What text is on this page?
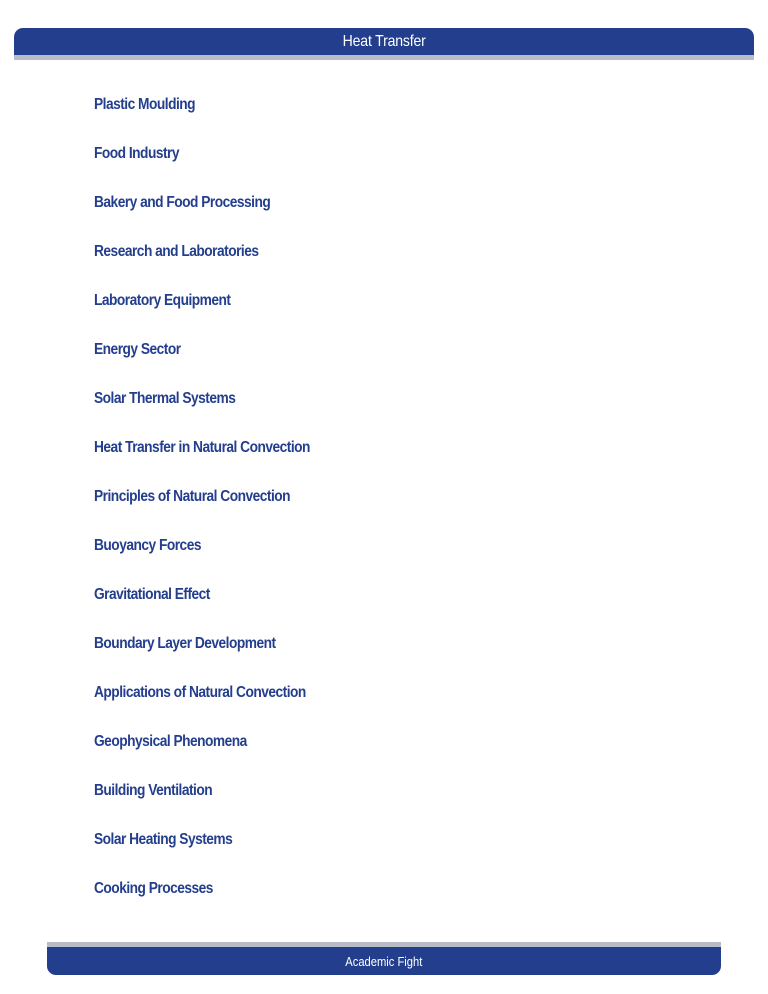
Heat Transfer
Plastic Moulding
Food Industry
Bakery and Food Processing
Research and Laboratories
Laboratory Equipment
Energy Sector
Solar Thermal Systems
Heat Transfer in Natural Convection
Principles of Natural Convection
Buoyancy Forces
Gravitational Effect
Boundary Layer Development
Applications of Natural Convection
Geophysical Phenomena
Building Ventilation
Solar Heating Systems
Cooking Processes
Academic Fight
